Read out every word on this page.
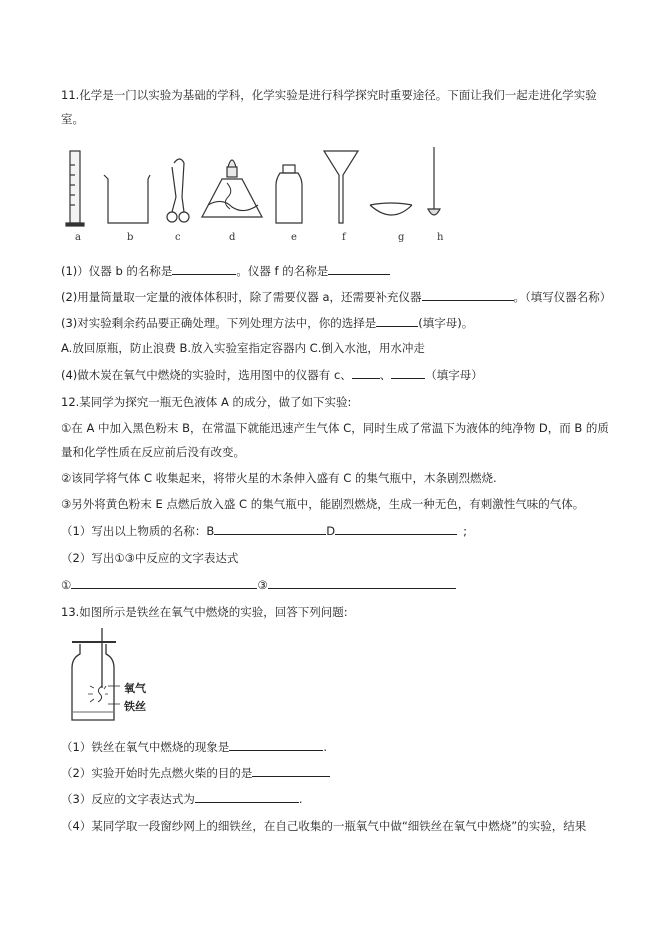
11.化学是一门以实验为基础的学科，化学实验是进行科学探究时重要途径。下面让我们一起走进化学实验
室。
a	b	c	d	e	f	g	h
(1)）仪器 b 的名称是	。仪器 f 的名称是
(2)用量筒量取一定量的液体体积时，除了需要仪器 a，还需要补充仪器	。（填写仪器名称）
(3)对实验剩余药品要正确处理。下列处理方法中，你的选择是	(填字母)。
A.放回原瓶，防止浪费 B.放入实验室指定容器内 C.倒入水池，用水冲走
(4)做木炭在氧气中燃烧的实验时，选用图中的仪器有 c、 、	（填字母）
12.某同学为探究一瓶无色液体 A 的成分，做了如下实验:
①在 A 中加入黑色粉末 B，在常温下就能迅速产生气体 C，同时生成了常温下为液体的纯净物 D，而 B 的质
量和化学性质在反应前后没有改变。
②该同学将气体 C 收集起来，将带火星的木条伸入盛有 C 的集气瓶中，木条剧烈燃烧.
③另外将黄色粉末 E 点燃后放入盛 C 的集气瓶中，能剧烈燃烧，生成一种无色，有刺激性气味的气体。
（1）写出以上物质的名称：B	D	;
（2）写出①③中反应的文字表达式
①	③
13.如图所示是铁丝在氧气中燃烧的实验，回答下列问题:
氧气
铁丝
（1）铁丝在氧气中燃烧的现象是	.
（2）实验开始时先点燃火柴的目的是
（3）反应的文字表达式为	.
（4）某同学取一段窗纱网上的细铁丝，在自己收集的一瓶氧气中做“细铁丝在氧气中燃烧”的实验，结果
